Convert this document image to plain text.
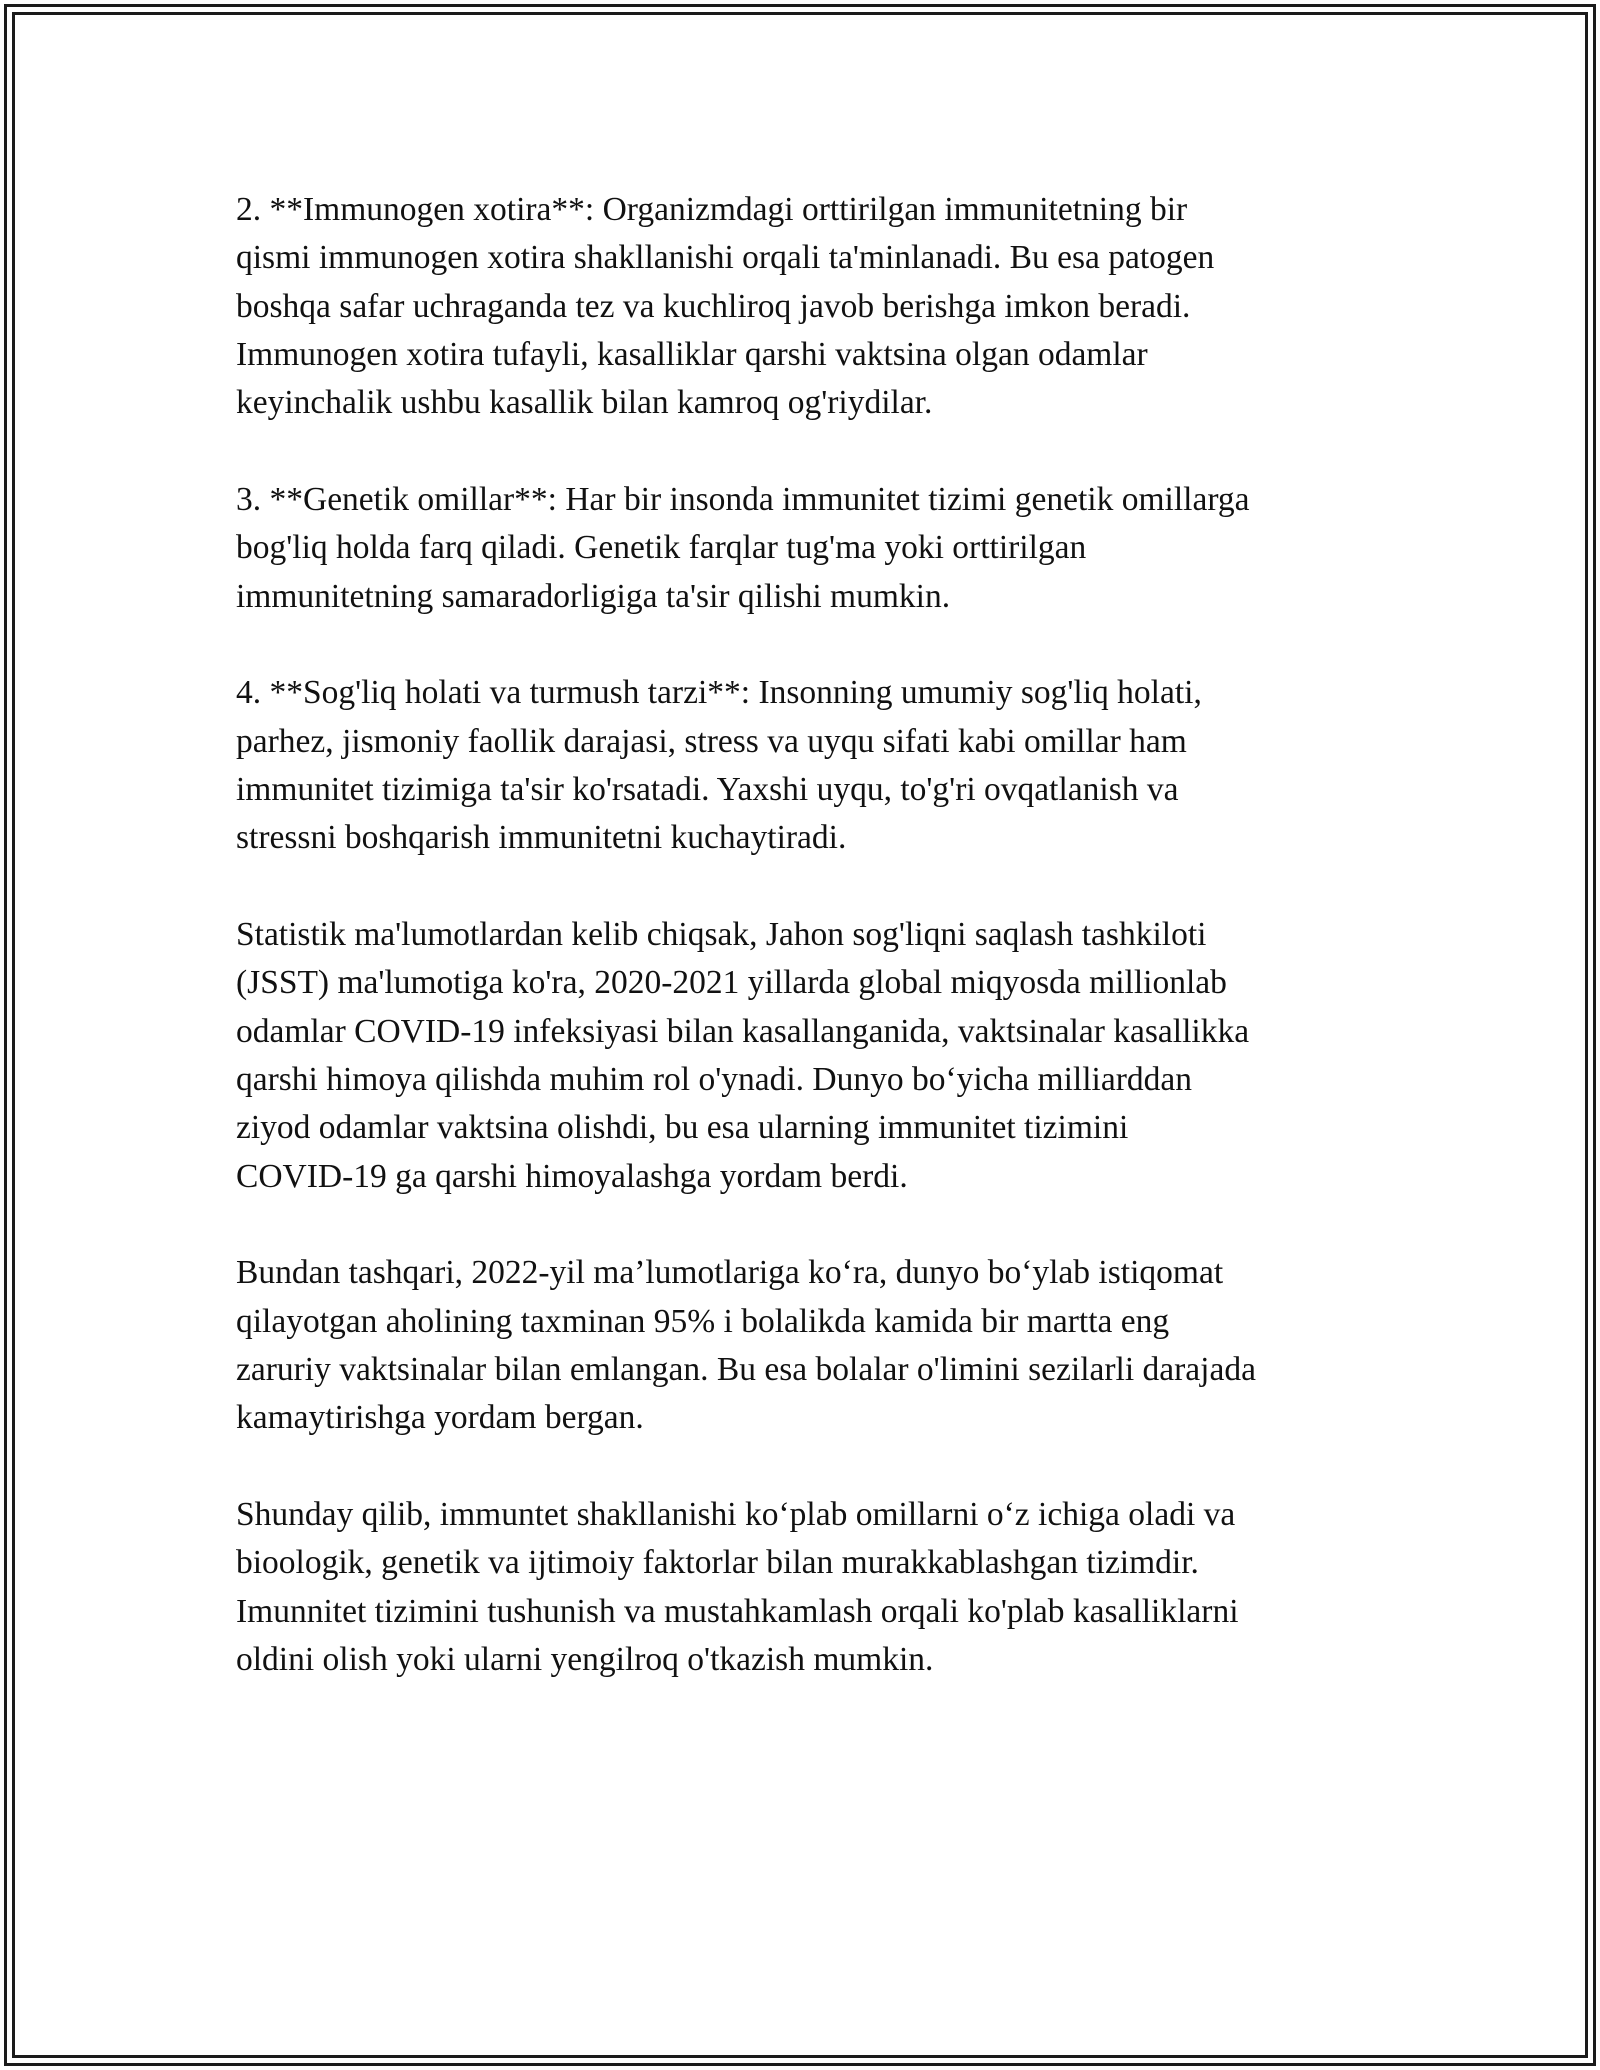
2. **Immunogen xotira**: Organizmdagi orttirilgan immunitetning bir
qismi immunogen xotira shakllanishi orqali ta'minlanadi. Bu esa patogen
boshqa safar uchraganda tez va kuchliroq javob berishga imkon beradi.
Immunogen xotira tufayli, kasalliklar qarshi vaktsina olgan odamlar
keyinchalik ushbu kasallik bilan kamroq og'riydilar.

3. **Genetik omillar**: Har bir insonda immunitet tizimi genetik omillarga
bog'liq holda farq qiladi. Genetik farqlar tug'ma yoki orttirilgan
immunitetning samaradorligiga ta'sir qilishi mumkin.

4. **Sog'liq holati va turmush tarzi**: Insonning umumiy sog'liq holati,
parhez, jismoniy faollik darajasi, stress va uyqu sifati kabi omillar ham
immunitet tizimiga ta'sir ko'rsatadi. Yaxshi uyqu, to'g'ri ovqatlanish va
stressni boshqarish immunitetni kuchaytiradi.

Statistik ma'lumotlardan kelib chiqsak, Jahon sog'liqni saqlash tashkiloti
(JSST) ma'lumotiga ko'ra, 2020-2021 yillarda global miqyosda millionlab
odamlar COVID-19 infeksiyasi bilan kasallanganida, vaktsinalar kasallikka
qarshi himoya qilishda muhim rol o'ynadi. Dunyo bo‘yicha milliarddan
ziyod odamlar vaktsina olishdi, bu esa ularning immunitet tizimini
COVID-19 ga qarshi himoyalashga yordam berdi.

Bundan tashqari, 2022-yil ma’lumotlariga ko‘ra, dunyo bo‘ylab istiqomat
qilayotgan aholining taxminan 95% i bolalikda kamida bir martta eng
zaruriy vaktsinalar bilan emlangan. Bu esa bolalar o'limini sezilarli darajada
kamaytirishga yordam bergan.

Shunday qilib, immuntet shakllanishi ko‘plab omillarni o‘z ichiga oladi va
bioologik, genetik va ijtimoiy faktorlar bilan murakkablashgan tizimdir.
Imunnitet tizimini tushunish va mustahkamlash orqali ko'plab kasalliklarni
oldini olish yoki ularni yengilroq o'tkazish mumkin.
